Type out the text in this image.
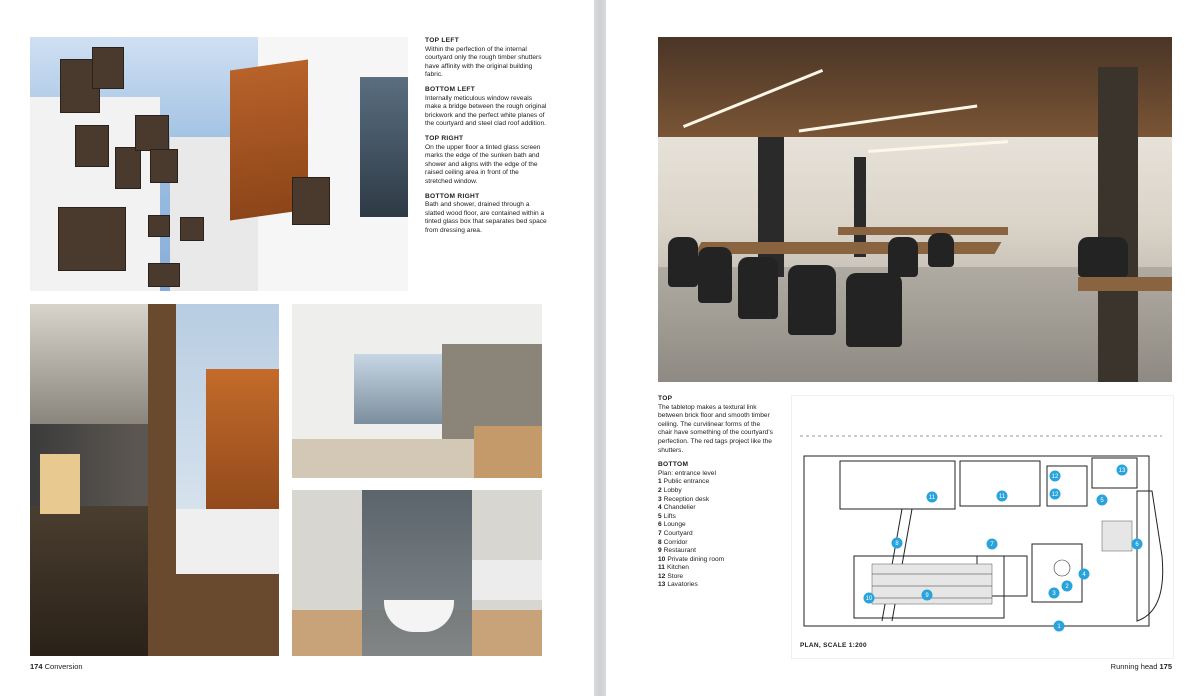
TOP LEFT
Within the perfection of the internal courtyard only the rough timber shutters have affinity with the original building fabric.

BOTTOM LEFT
Internally meticulous window reveals make a bridge between the rough original brickwork and the perfect white planes of the courtyard and steel clad roof addition.

TOP RIGHT
On the upper floor a tinted glass screen marks the edge of the sunken bath and shower and aligns with the edge of the raised ceiling area in front of the stretched window.

BOTTOM RIGHT
Bath and shower, drained through a slatted wood floor, are contained within a tinted glass box that separates bed space from dressing area.

TOP
The tabletop makes a textural link between brick floor and smooth timber ceiling. The curvilinear forms of the chair have something of the courtyard's perfection. The red tags project like the shutters.

BOTTOM
Plan: entrance level

1 Public entrance
2 Lobby
3 Reception desk
4 Chandelier
5 Lifts
6 Lounge
7 Courtyard
8 Corridor
9 Restaurant
10 Private dining room
11 Kitchen
12 Store
13 Lavatories
1
2
3
4
5
6
7
8
9
10
11	11	12
12
13
PLAN, SCALE 1:200
174 Conversion	Running head 175
